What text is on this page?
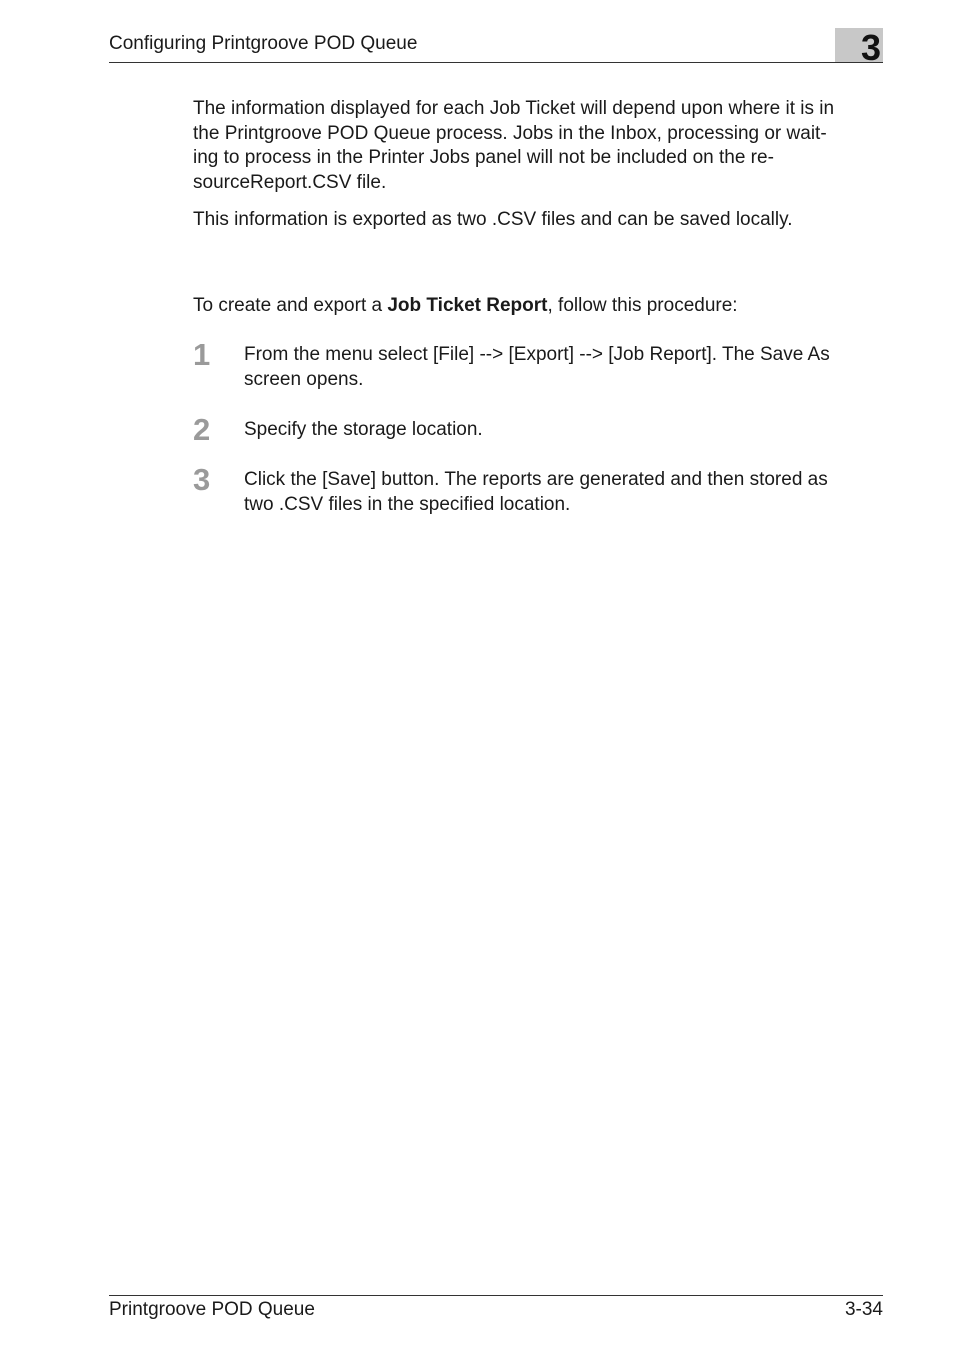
Configuring Printgroove POD Queue	3

The information displayed for each Job Ticket will depend upon where it is in
the Printgroove POD Queue process. Jobs in the Inbox, processing or wait-
ing to process in the Printer Jobs panel will not be included on the re-
sourceReport.CSV file.

This information is exported as two .CSV files and can be saved locally.

To create and export a Job Ticket Report, follow this procedure:

1 From the menu select [File] --> [Export] --> [Job Report]. The Save As
screen opens.
2 Specify the storage location.
3 Click the [Save] button. The reports are generated and then stored as
two .CSV files in the specified location.
Printgroove POD Queue	3-34
